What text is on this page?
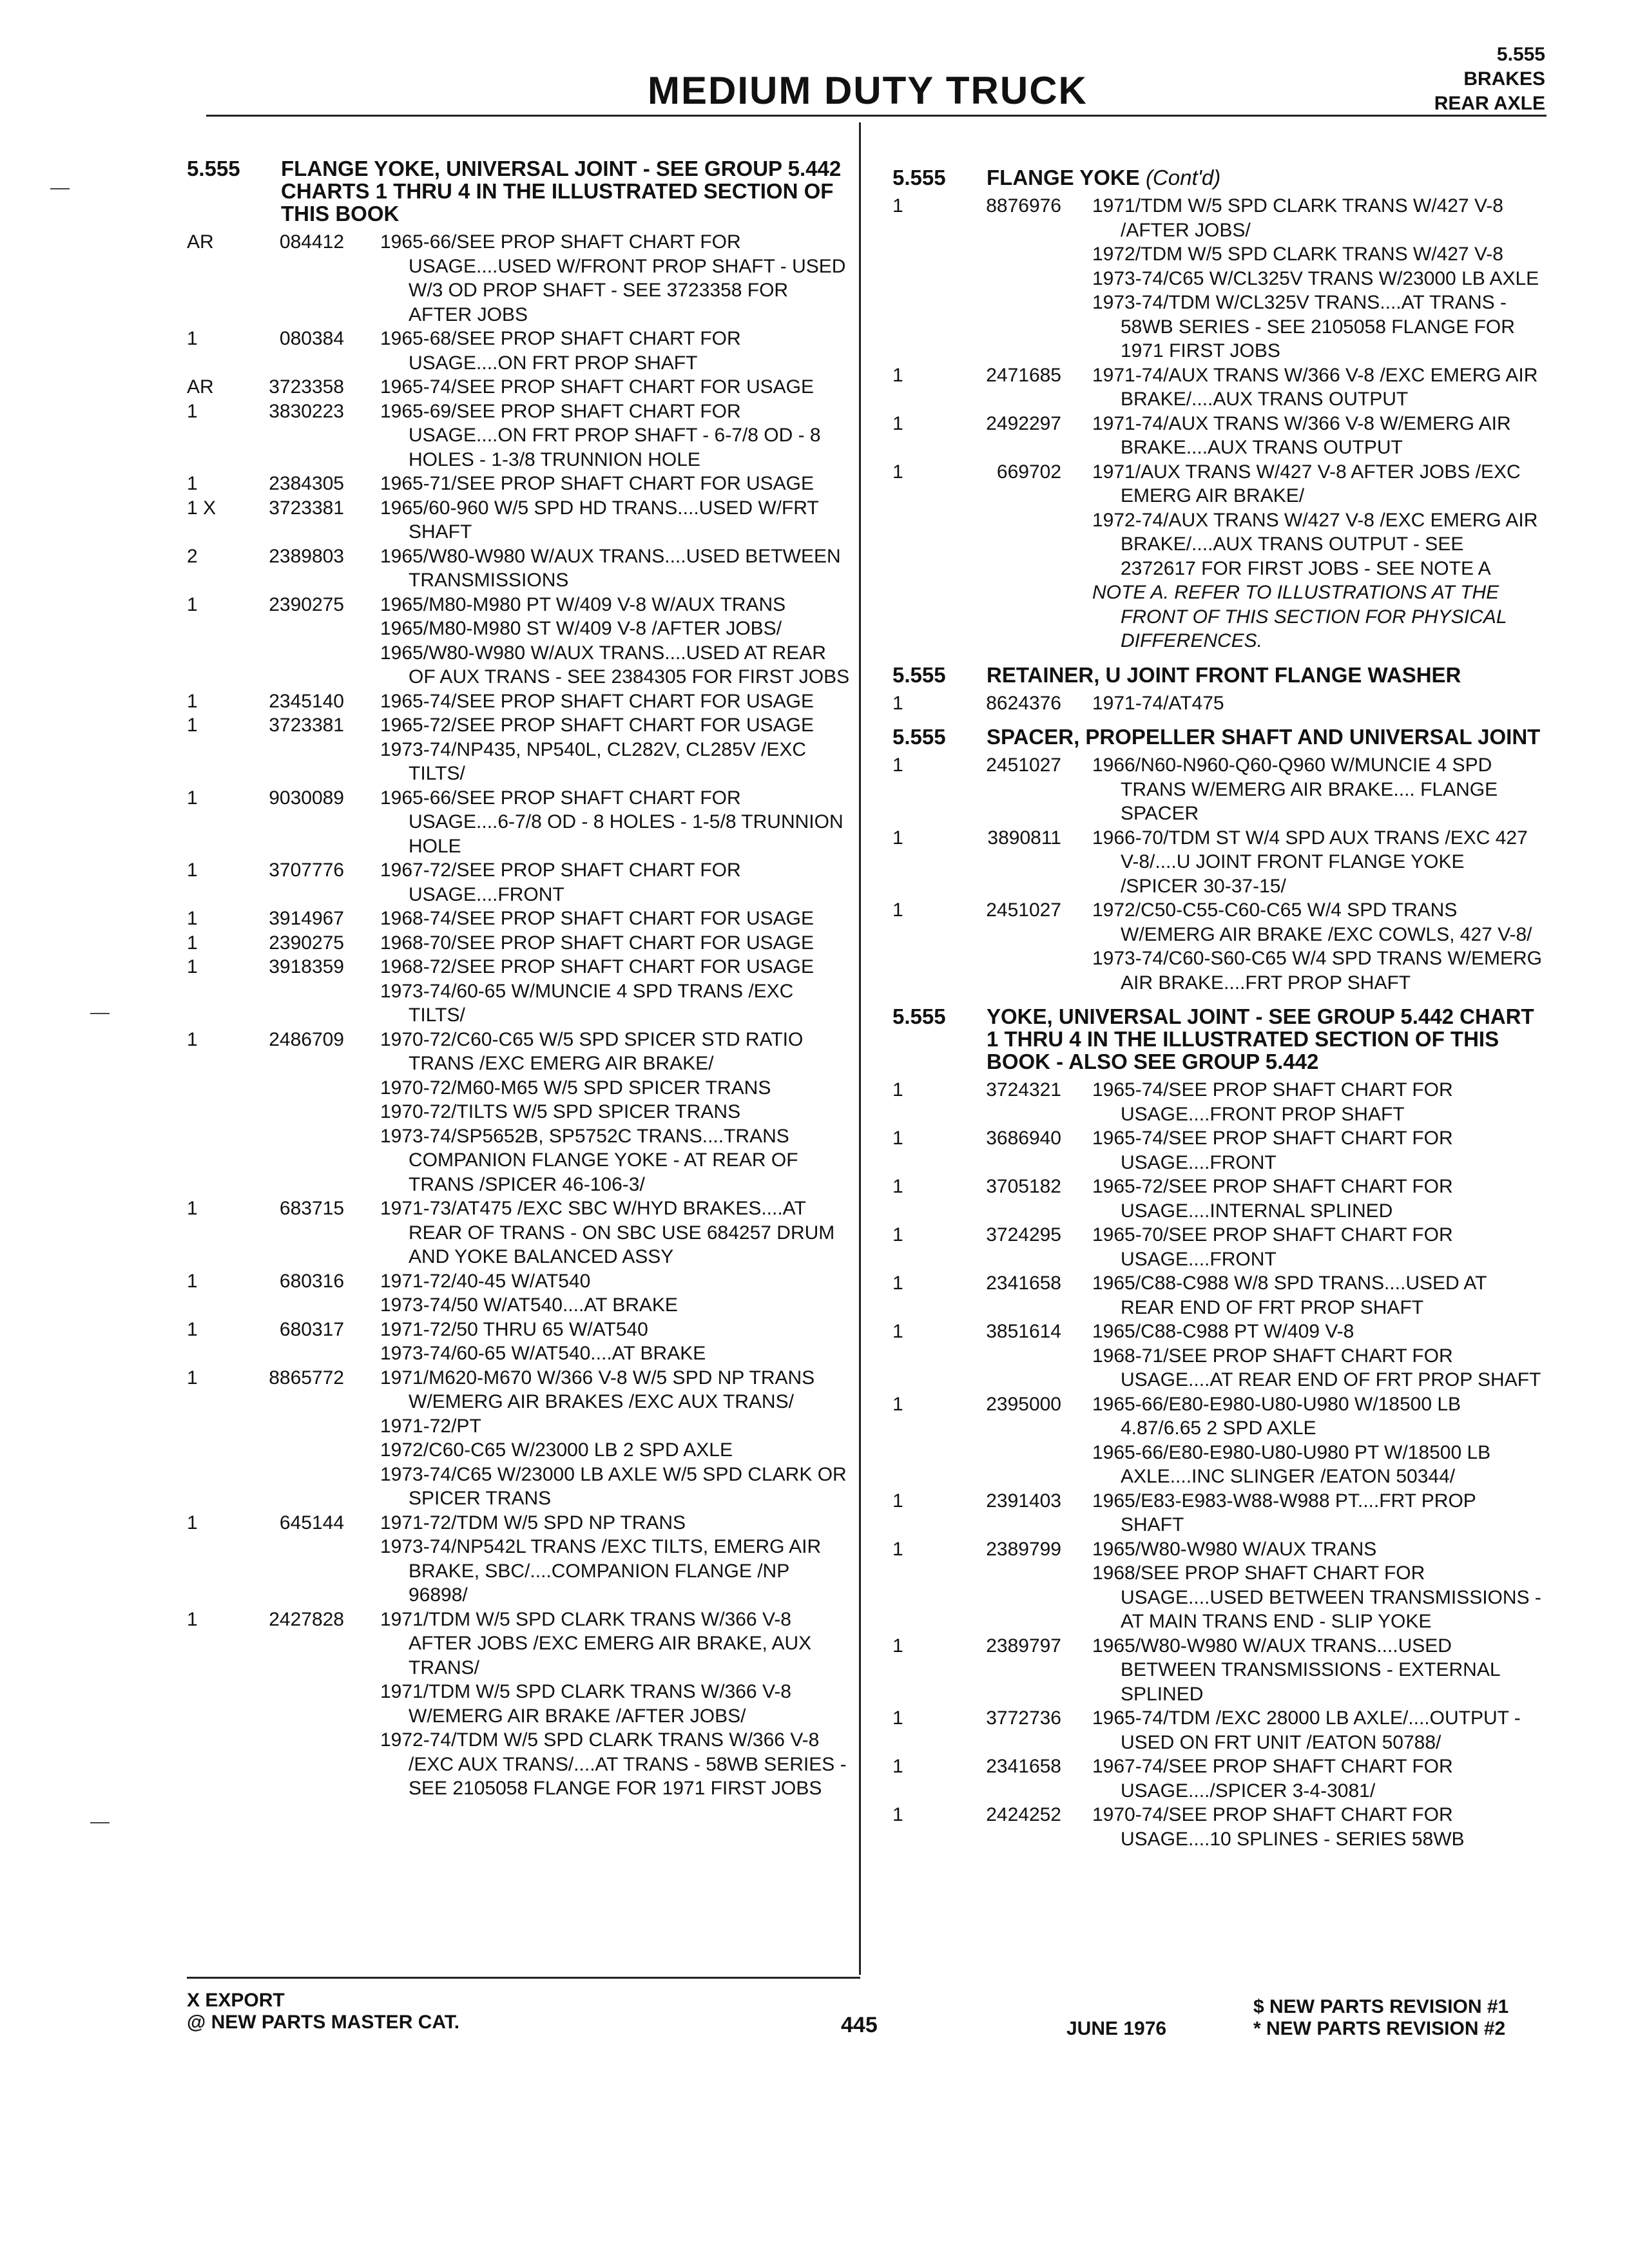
MEDIUM DUTY TRUCK
5.555
BRAKES
REAR AXLE
5.555 FLANGE YOKE, UNIVERSAL JOINT - SEE GROUP 5.442 CHARTS 1 THRU 4 IN THE ILLUSTRATED SECTION OF THIS BOOK
AR	084412 1965-66/SEE PROP SHAFT CHART FOR USAGE....USED W/FRONT PROP SHAFT - USED W/3 OD PROP SHAFT - SEE 3723358 FOR AFTER JOBS
1	080384 1965-68/SEE PROP SHAFT CHART FOR USAGE....ON FRT PROP SHAFT
AR	3723358 1965-74/SEE PROP SHAFT CHART FOR USAGE
1	3830223 1965-69/SEE PROP SHAFT CHART FOR USAGE....ON FRT PROP SHAFT - 6-7/8 OD - 8 HOLES - 1-3/8 TRUNNION HOLE
1	2384305 1965-71/SEE PROP SHAFT CHART FOR USAGE
1 X	3723381 1965/60-960 W/5 SPD HD TRANS....USED W/FRT SHAFT
2	2389803 1965/W80-W980 W/AUX TRANS....USED BETWEEN TRANSMISSIONS
1	2390275 1965/M80-M980 PT W/409 V-8 W/AUX TRANS
1965/M80-M980 ST W/409 V-8 /AFTER JOBS/
1965/W80-W980 W/AUX TRANS....USED AT REAR OF AUX TRANS - SEE 2384305 FOR FIRST JOBS
1	2345140 1965-74/SEE PROP SHAFT CHART FOR USAGE
1	3723381 1965-72/SEE PROP SHAFT CHART FOR USAGE
1973-74/NP435, NP540L, CL282V, CL285V /EXC TILTS/
1	9030089 1965-66/SEE PROP SHAFT CHART FOR USAGE....6-7/8 OD - 8 HOLES - 1-5/8 TRUNNION HOLE
1	3707776 1967-72/SEE PROP SHAFT CHART FOR USAGE....FRONT
1	3914967 1968-74/SEE PROP SHAFT CHART FOR USAGE
1	2390275 1968-70/SEE PROP SHAFT CHART FOR USAGE
1	3918359 1968-72/SEE PROP SHAFT CHART FOR USAGE
1973-74/60-65 W/MUNCIE 4 SPD TRANS /EXC TILTS/
1	2486709 1970-72/C60-C65 W/5 SPD SPICER STD RATIO TRANS /EXC EMERG AIR BRAKE/
1970-72/M60-M65 W/5 SPD SPICER TRANS
1970-72/TILTS W/5 SPD SPICER TRANS
1973-74/SP5652B, SP5752C TRANS....TRANS COMPANION FLANGE YOKE - AT REAR OF TRANS /SPICER 46-106-3/
1	683715 1971-73/AT475 /EXC SBC W/HYD BRAKES....AT REAR OF TRANS - ON SBC USE 684257 DRUM AND YOKE BALANCED ASSY
1	680316 1971-72/40-45 W/AT540
1973-74/50 W/AT540....AT BRAKE
1	680317 1971-72/50 THRU 65 W/AT540
1973-74/60-65 W/AT540....AT BRAKE
1	8865772 1971/M620-M670 W/366 V-8 W/5 SPD NP TRANS W/EMERG AIR BRAKES /EXC AUX TRANS/
1971-72/PT
1972/C60-C65 W/23000 LB 2 SPD AXLE
1973-74/C65 W/23000 LB AXLE W/5 SPD CLARK OR SPICER TRANS
1	645144 1971-72/TDM W/5 SPD NP TRANS
1973-74/NP542L TRANS /EXC TILTS, EMERG AIR BRAKE, SBC/....COMPANION FLANGE /NP 96898/
1	2427828 1971/TDM W/5 SPD CLARK TRANS W/366 V-8 AFTER JOBS /EXC EMERG AIR BRAKE, AUX TRANS/
1971/TDM W/5 SPD CLARK TRANS W/366 V-8 W/EMERG AIR BRAKE /AFTER JOBS/
1972-74/TDM W/5 SPD CLARK TRANS W/366 V-8 /EXC AUX TRANS/....AT TRANS - 58WB SERIES - SEE 2105058 FLANGE FOR 1971 FIRST JOBS
5.555 FLANGE YOKE (Cont'd)
1	8876976 1971/TDM W/5 SPD CLARK TRANS W/427 V-8 /AFTER JOBS/
1972/TDM W/5 SPD CLARK TRANS W/427 V-8
1973-74/C65 W/CL325V TRANS W/23000 LB AXLE
1973-74/TDM W/CL325V TRANS....AT TRANS - 58WB SERIES - SEE 2105058 FLANGE FOR 1971 FIRST JOBS
1	2471685 1971-74/AUX TRANS W/366 V-8 /EXC EMERG AIR BRAKE/....AUX TRANS OUTPUT
1	2492297 1971-74/AUX TRANS W/366 V-8 W/EMERG AIR BRAKE....AUX TRANS OUTPUT
1	669702 1971/AUX TRANS W/427 V-8 AFTER JOBS /EXC EMERG AIR BRAKE/
1972-74/AUX TRANS W/427 V-8 /EXC EMERG AIR BRAKE/....AUX TRANS OUTPUT - SEE 2372617 FOR FIRST JOBS - SEE NOTE A
NOTE A. REFER TO ILLUSTRATIONS AT THE FRONT OF THIS SECTION FOR PHYSICAL DIFFERENCES.
5.555 RETAINER, U JOINT FRONT FLANGE WASHER
1	8624376 1971-74/AT475
5.555 SPACER, PROPELLER SHAFT AND UNIVERSAL JOINT
1	2451027 1966/N60-N960-Q60-Q960 W/MUNCIE 4 SPD TRANS W/EMERG AIR BRAKE.... FLANGE SPACER
1	3890811 1966-70/TDM ST W/4 SPD AUX TRANS /EXC 427 V-8/....U JOINT FRONT FLANGE YOKE /SPICER 30-37-15/
1	2451027 1972/C50-C55-C60-C65 W/4 SPD TRANS W/EMERG AIR BRAKE /EXC COWLS, 427 V-8/
1973-74/C60-S60-C65 W/4 SPD TRANS W/EMERG AIR BRAKE....FRT PROP SHAFT
5.555 YOKE, UNIVERSAL JOINT - SEE GROUP 5.442 CHART 1 THRU 4 IN THE ILLUSTRATED SECTION OF THIS BOOK - ALSO SEE GROUP 5.442
1	3724321 1965-74/SEE PROP SHAFT CHART FOR USAGE....FRONT PROP SHAFT
1	3686940 1965-74/SEE PROP SHAFT CHART FOR USAGE....FRONT
1	3705182 1965-72/SEE PROP SHAFT CHART FOR USAGE....INTERNAL SPLINED
1	3724295 1965-70/SEE PROP SHAFT CHART FOR USAGE....FRONT
1	2341658 1965/C88-C988 W/8 SPD TRANS....USED AT REAR END OF FRT PROP SHAFT
1	3851614 1965/C88-C988 PT W/409 V-8
1968-71/SEE PROP SHAFT CHART FOR USAGE....AT REAR END OF FRT PROP SHAFT
1	2395000 1965-66/E80-E980-U80-U980 W/18500 LB 4.87/6.65 2 SPD AXLE
1965-66/E80-E980-U80-U980 PT W/18500 LB AXLE....INC SLINGER /EATON 50344/
1	2391403 1965/E83-E983-W88-W988 PT....FRT PROP SHAFT
1	2389799 1965/W80-W980 W/AUX TRANS
1968/SEE PROP SHAFT CHART FOR USAGE....USED BETWEEN TRANSMISSIONS - AT MAIN TRANS END - SLIP YOKE
1	2389797 1965/W80-W980 W/AUX TRANS....USED BETWEEN TRANSMISSIONS - EXTERNAL SPLINED
1	3772736 1965-74/TDM /EXC 28000 LB AXLE/....OUTPUT - USED ON FRT UNIT /EATON 50788/
1	2341658 1967-74/SEE PROP SHAFT CHART FOR USAGE..../SPICER 3-4-3081/
1	2424252 1970-74/SEE PROP SHAFT CHART FOR USAGE....10 SPLINES - SERIES 58WB
X EXPORT
@ NEW PARTS MASTER CAT.	445	JUNE 1976
$ NEW PARTS REVISION #1
* NEW PARTS REVISION #2
